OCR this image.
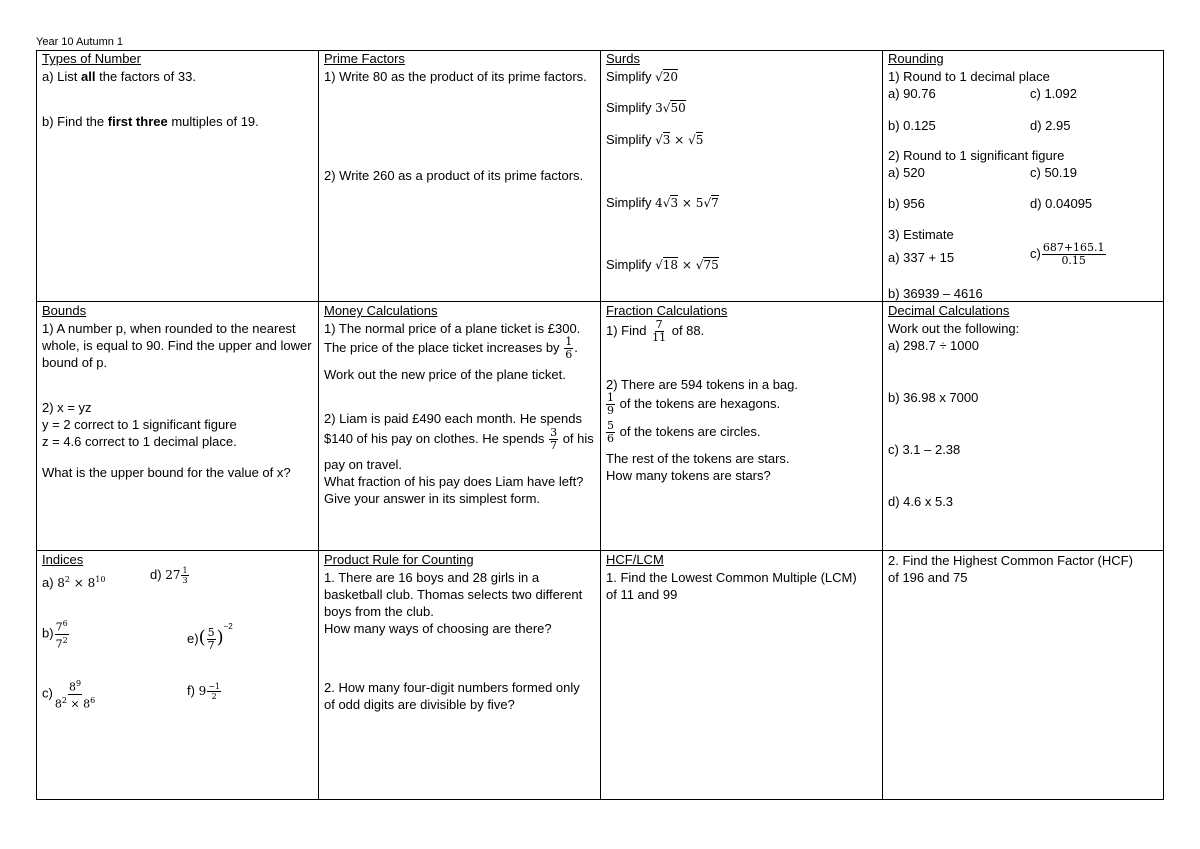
Year 10 Autumn 1
Types of Number
a) List all the factors of 33.
b) Find the first three multiples of 19.
Prime Factors
1) Write 80 as the product of its prime factors.
2) Write 260 as a product of its prime factors.
Surds
Simplify √20
Simplify 3√50
Simplify √3 × √5
Simplify 4√3 × 5√7
Simplify √18 × √75
Rounding
1) Round to 1 decimal place
a) 90.76	c) 1.092
b) 0.125	d) 2.95
2) Round to 1 significant figure
a) 520	c) 50.19
b) 956	d) 0.04095
3) Estimate
a) 337 + 15	$c) \frac{687+165.1}{0.15}$
b) 36939 – 4616
Bounds
1) A number p, when rounded to the nearest
whole, is equal to 90. Find the upper and lower
bound of p.
2) x = yz
y = 2 correct to 1 significant figure
z = 4.6 correct to 1 decimal place.
What is the upper bound for the value of x?
Money Calculations
1) The normal price of a plane ticket is £300.
The price of the place ticket increases by $\frac{1}{6}$ .
Work out the new price of the plane ticket.
2) Liam is paid £490 each month. He spends
$140 of his pay on clothes. He spends $\frac{3}{7}$ of his
pay on travel.
What fraction of his pay does Liam have left?
Give your answer in its simplest form.
Fraction Calculations
1) Find $\frac{7}{11}$ of 88.
2) There are 594 tokens in a bag.
$\frac{1}{9}$ of the tokens are hexagons.
$\frac{5}{6}$ of the tokens are circles.
The rest of the tokens are stars.
How many tokens are stars?
Decimal Calculations
Work out the following:
a) 298.7 ÷ 1000
b) 36.98 x 7000
c) 3.1 – 2.38
d) 4.6 x 5.3
Indices
a) $8^2 \times 8^{10}$	d) $27 \frac{1}{3}$
$b) \frac{7^6}{7^2}$	$e)( \frac{5}{7} )^{-2}$
$c) \frac{8^9}{8^2 \times 8^6}$	f) $9 \frac{-1}{2}$
Product Rule for Counting
1. There are 16 boys and 28 girls in a
basketball club. Thomas selects two different
boys from the club.
How many ways of choosing are there?
2. How many four-digit numbers formed only
of odd digits are divisible by five?
HCF/LCM
1. Find the Lowest Common Multiple (LCM)
of 11 and 99
2. Find the Highest Common Factor (HCF)
of 196 and 75
